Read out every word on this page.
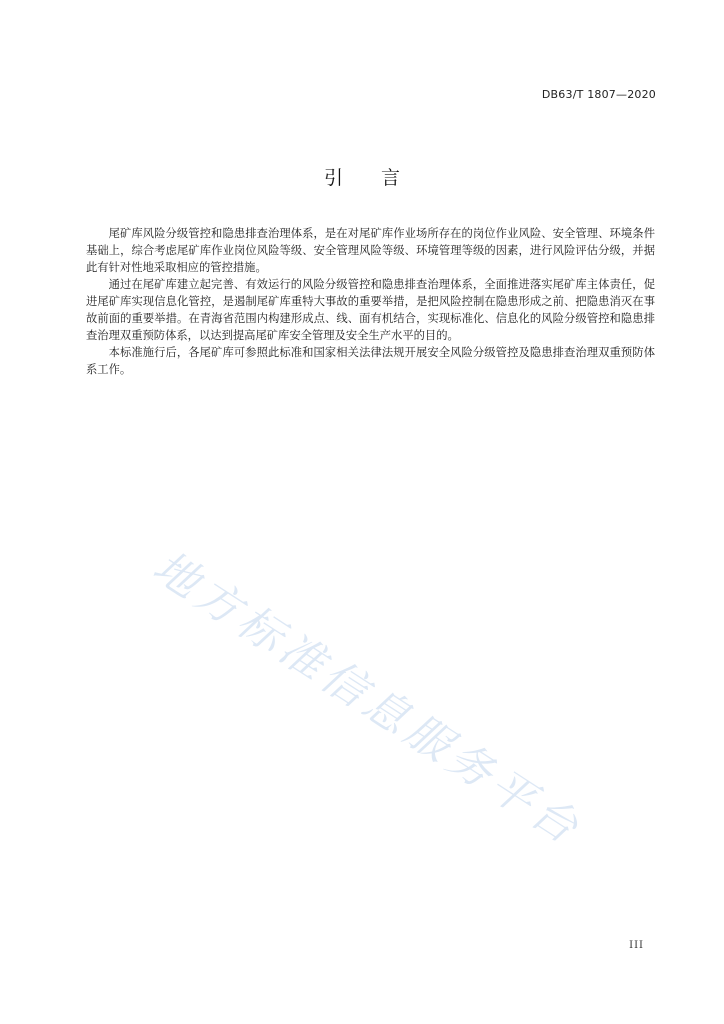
DB63/T 1807—2020
引言

尾矿库风险分级管控和隐患排查治理体系，是在对尾矿库作业场所存在的岗位作业风险、安全管理、环境条件基础上，综合考虑尾矿库作业岗位风险等级、安全管理风险等级、环境管理等级的因素，进行风险评估分级，并据此有针对性地采取相应的管控措施。

通过在尾矿库建立起完善、有效运行的风险分级管控和隐患排查治理体系，全面推进落实尾矿库主体责任，促进尾矿库实现信息化管控，是遏制尾矿库重特大事故的重要举措，是把风险控制在隐患形成之前、把隐患消灭在事故前面的重要举措。在青海省范围内构建形成点、线、面有机结合，实现标准化、信息化的风险分级管控和隐患排查治理双重预防体系，以达到提高尾矿库安全管理及安全生产水平的目的。

本标准施行后，各尾矿库可参照此标准和国家相关法律法规开展安全风险分级管控及隐患排查治理双重预防体系工作。

地方标准信息服务平台
III
